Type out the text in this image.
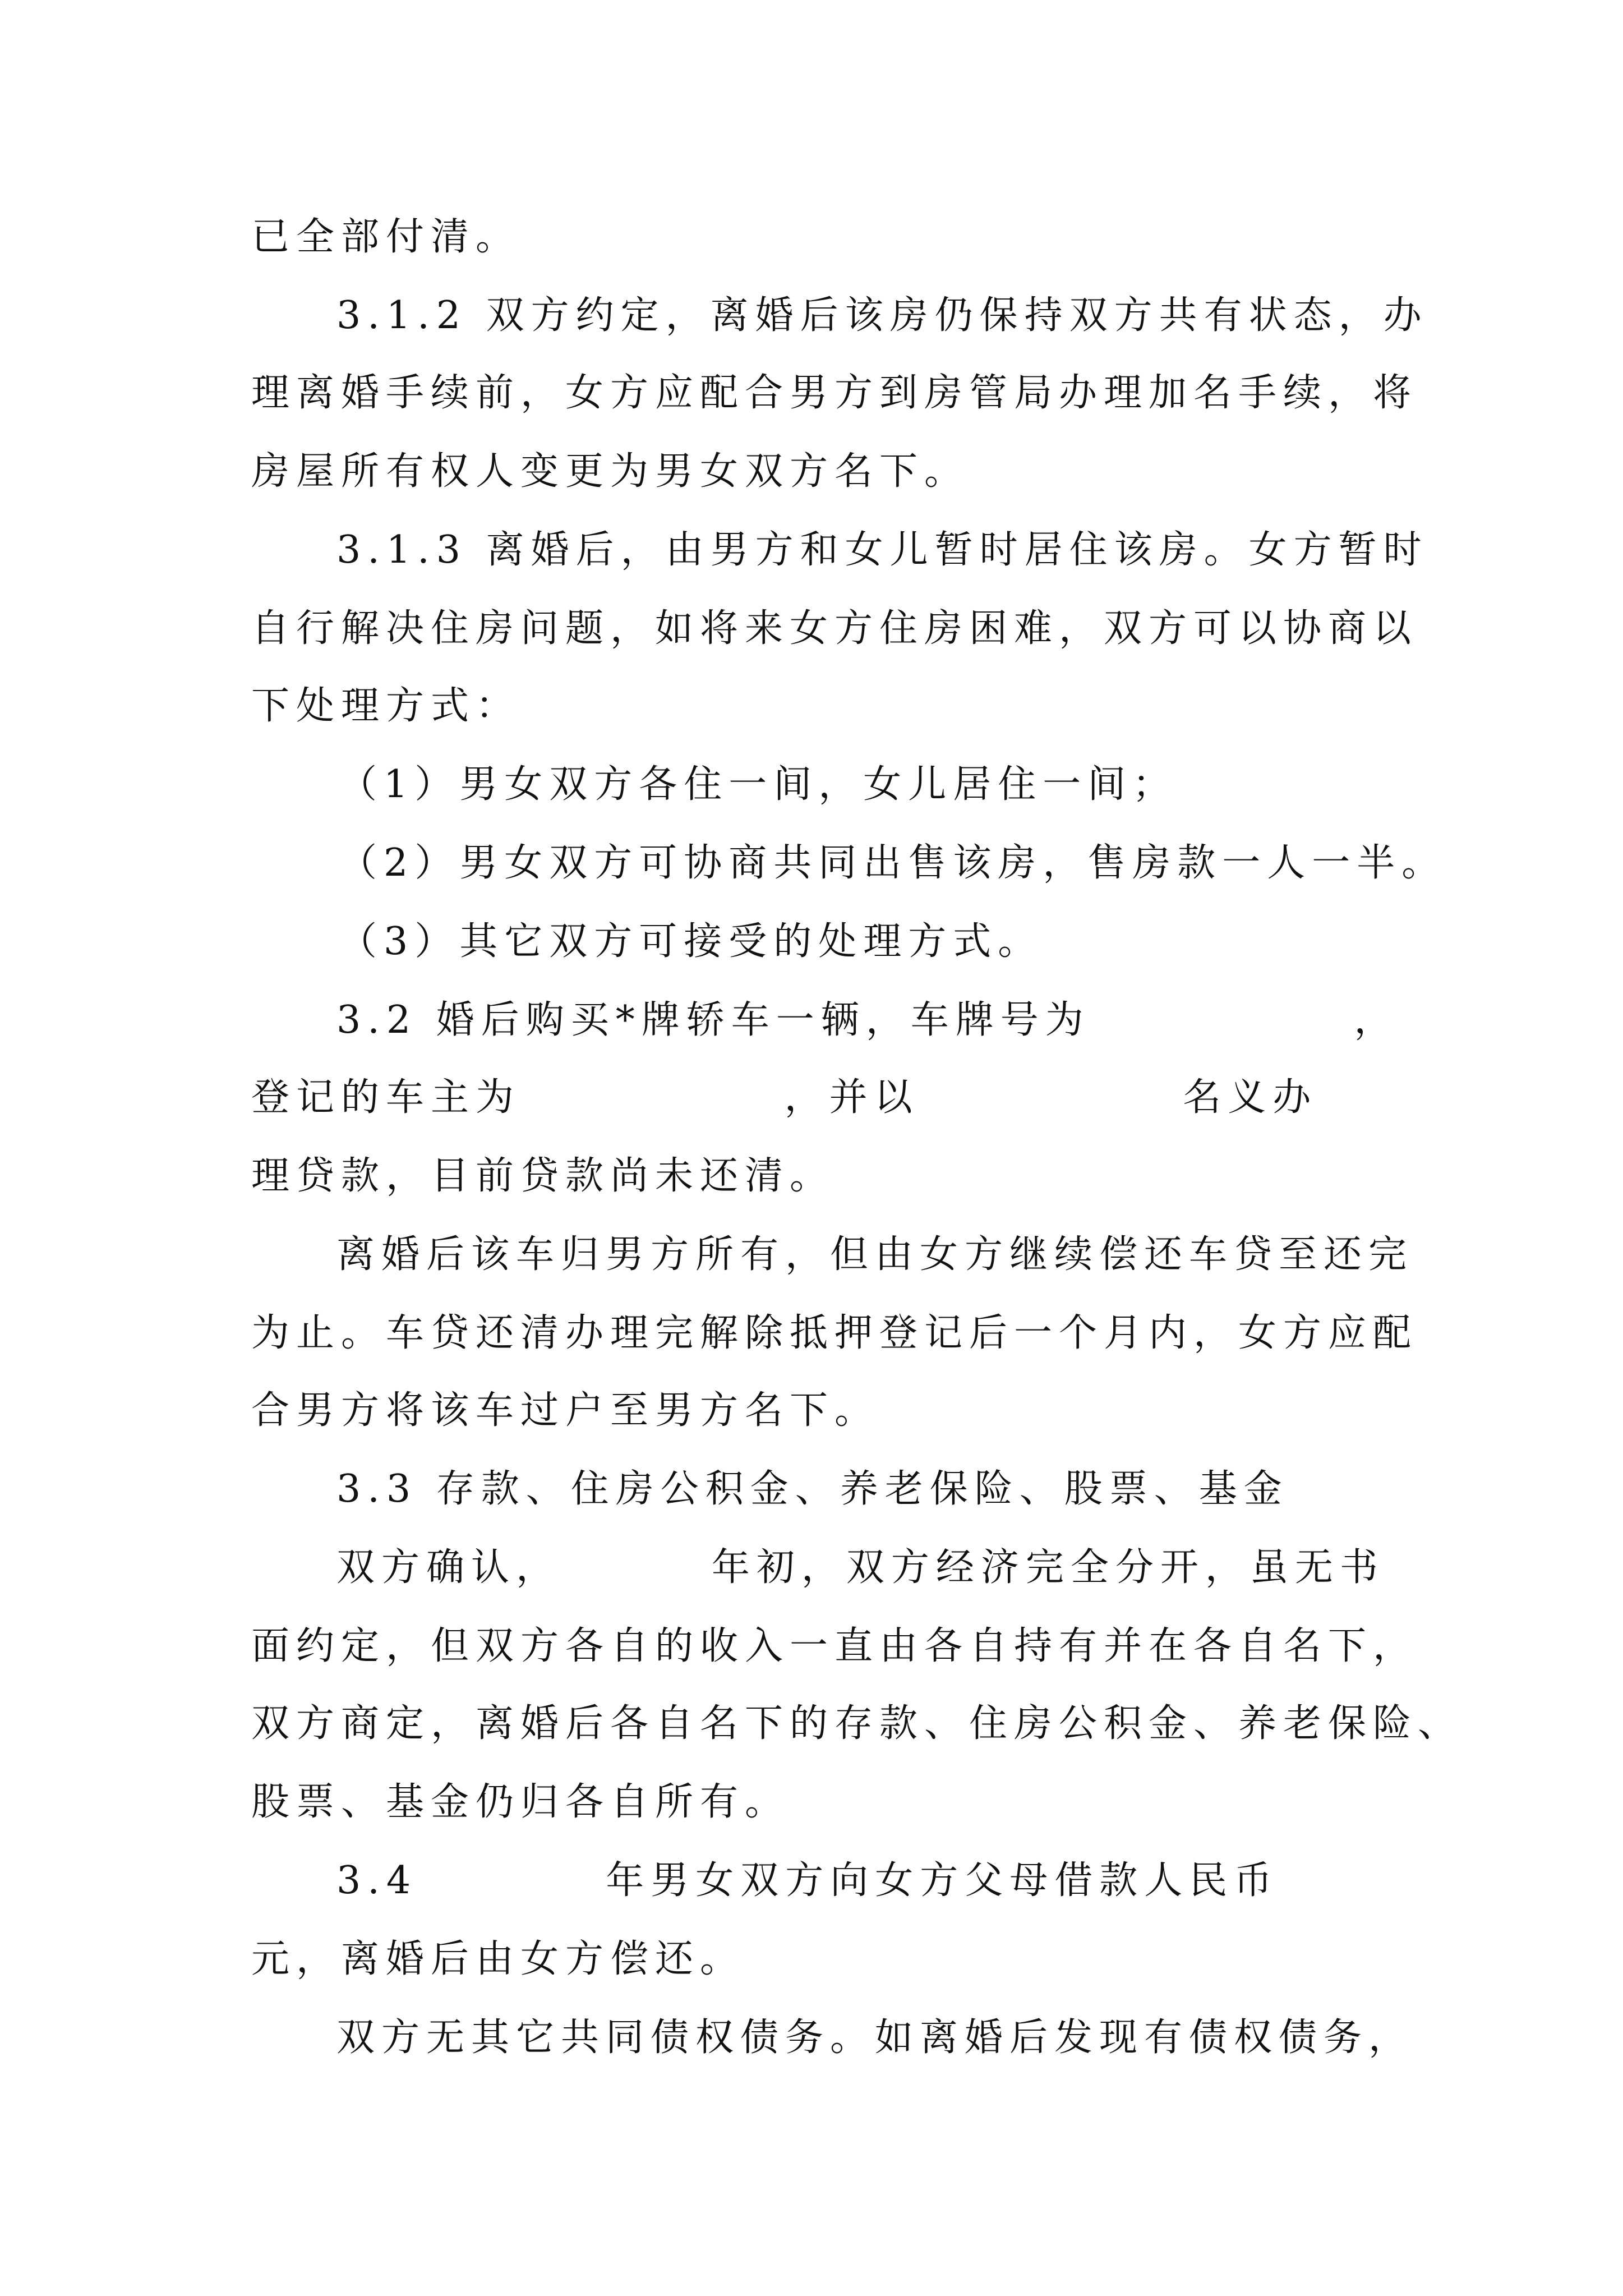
已全部付清。
3.1.2 双方约定，离婚后该房仍保持双方共有状态，办
理离婚手续前，女方应配合男方到房管局办理加名手续，将
房屋所有权人变更为男女双方名下。
3.1.3 离婚后，由男方和女儿暂时居住该房。女方暂时
自行解决住房问题，如将来女方住房困难，双方可以协商以
下处理方式：
（1）男女双方各住一间，女儿居住一间；
（2）男女双方可协商共同出售该房，售房款一人一半。
（3）其它双方可接受的处理方式。
3.2 婚后购买*牌轿车一辆，车牌号为              ，
登记的车主为              ，并以              名义办
理贷款，目前贷款尚未还清。
离婚后该车归男方所有，但由女方继续偿还车贷至还完
为止。车贷还清办理完解除抵押登记后一个月内，女方应配
合男方将该车过户至男方名下。
3.3 存款、住房公积金、养老保险、股票、基金
双方确认，        年初，双方经济完全分开，虽无书
面约定，但双方各自的收入一直由各自持有并在各自名下，
双方商定，离婚后各自名下的存款、住房公积金、养老保险、
股票、基金仍归各自所有。
3.4          年男女双方向女方父母借款人民币
元，离婚后由女方偿还。
双方无其它共同债权债务。如离婚后发现有债权债务，
